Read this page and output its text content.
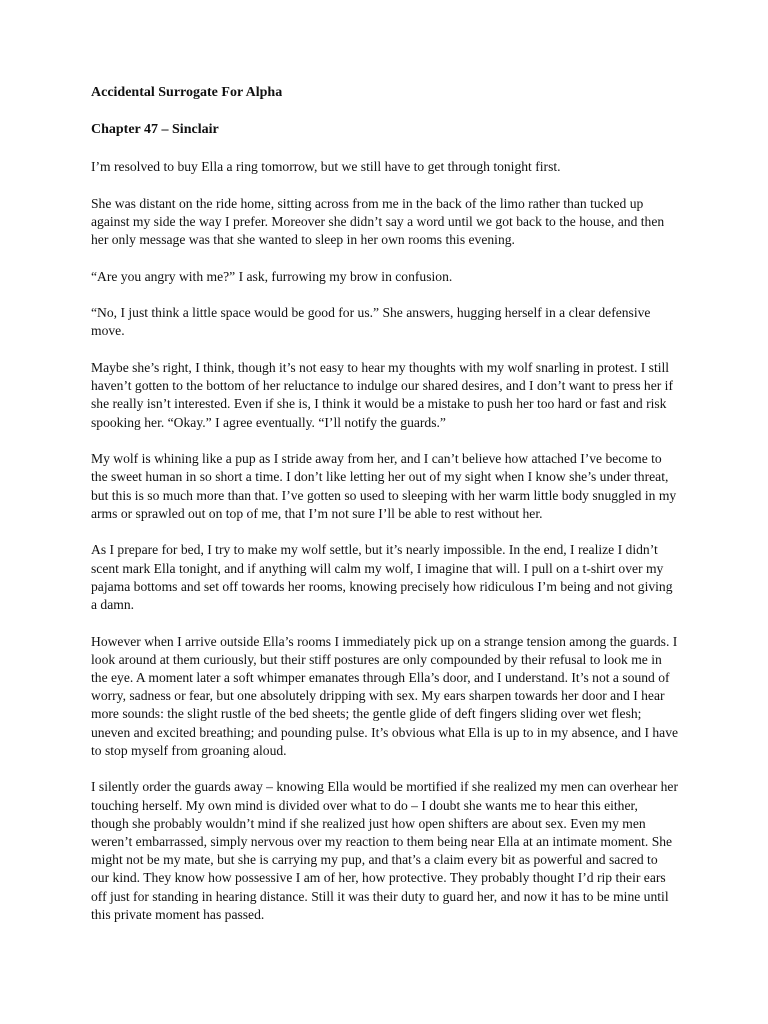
Accidental Surrogate For Alpha
Chapter 47 – Sinclair

I’m resolved to buy Ella a ring tomorrow, but we still have to get through tonight first.

She was distant on the ride home, sitting across from me in the back of the limo rather than tucked up against my side the way I prefer. Moreover she didn’t say a word until we got back to the house, and then her only message was that she wanted to sleep in her own rooms this evening.

“Are you angry with me?” I ask, furrowing my brow in confusion.

“No, I just think a little space would be good for us.” She answers, hugging herself in a clear defensive move.

Maybe she’s right, I think, though it’s not easy to hear my thoughts with my wolf snarling in protest. I still haven’t gotten to the bottom of her reluctance to indulge our shared desires, and I don’t want to press her if she really isn’t interested. Even if she is, I think it would be a mistake to push her too hard or fast and risk spooking her. “Okay.” I agree eventually. “I’ll notify the guards.”

My wolf is whining like a pup as I stride away from her, and I can’t believe how attached I’ve become to the sweet human in so short a time. I don’t like letting her out of my sight when I know she’s under threat, but this is so much more than that. I’ve gotten so used to sleeping with her warm little body snuggled in my arms or sprawled out on top of me, that I’m not sure I’ll be able to rest without her.

As I prepare for bed, I try to make my wolf settle, but it’s nearly impossible. In the end, I realize I didn’t scent mark Ella tonight, and if anything will calm my wolf, I imagine that will. I pull on a t-shirt over my pajama bottoms and set off towards her rooms, knowing precisely how ridiculous I’m being and not giving a damn.

However when I arrive outside Ella’s rooms I immediately pick up on a strange tension among the guards. I look around at them curiously, but their stiff postures are only compounded by their refusal to look me in the eye. A moment later a soft whimper emanates through Ella’s door, and I understand. It’s not a sound of worry, sadness or fear, but one absolutely dripping with sex. My ears sharpen towards her door and I hear more sounds: the slight rustle of the bed sheets; the gentle glide of deft fingers sliding over wet flesh; uneven and excited breathing; and pounding pulse. It’s obvious what Ella is up to in my absence, and I have to stop myself from groaning aloud.

I silently order the guards away – knowing Ella would be mortified if she realized my men can overhear her touching herself. My own mind is divided over what to do – I doubt she wants me to hear this either, though she probably wouldn’t mind if she realized just how open shifters are about sex. Even my men weren’t embarrassed, simply nervous over my reaction to them being near Ella at an intimate moment. She might not be my mate, but she is carrying my pup, and that’s a claim every bit as powerful and sacred to our kind. They know how possessive I am of her, how protective. They probably thought I’d rip their ears off just for standing in hearing distance. Still it was their duty to guard her, and now it has to be mine until this private moment has passed.
